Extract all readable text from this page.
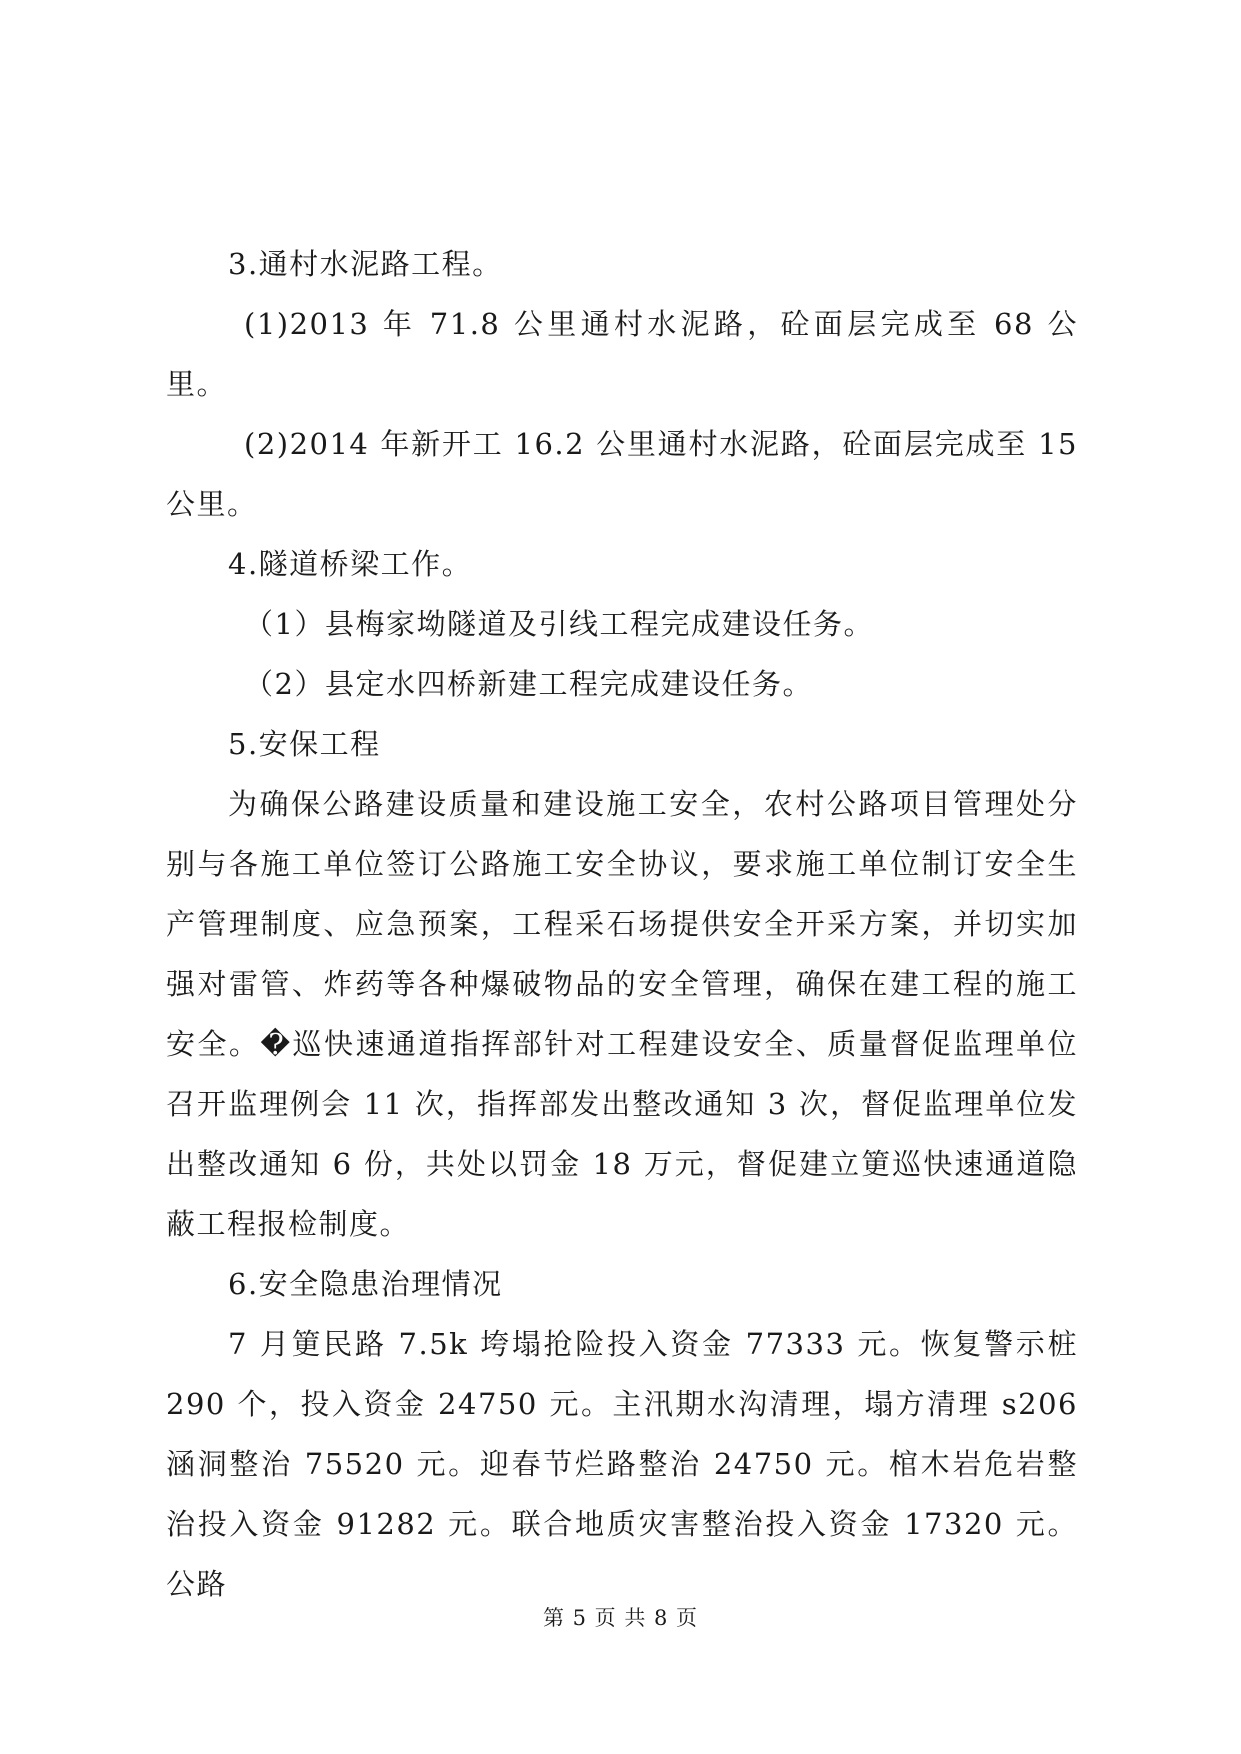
3.通村水泥路工程。

(1)2013 年 71.8 公里通村水泥路，砼面层完成至 68 公里。

(2)2014 年新开工 16.2 公里通村水泥路，砼面层完成至 15 公里。

4.隧道桥梁工作。

（1）县梅家坳隧道及引线工程完成建设任务。

（2）县定水四桥新建工程完成建设任务。

5.安保工程

为确保公路建设质量和建设施工安全，农村公路项目管理处分别与各施工单位签订公路施工安全协议，要求施工单位制订安全生产管理制度、应急预案，工程采石场提供安全开采方案，并切实加强对雷管、炸药等各种爆破物品的安全管理，确保在建工程的施工安全。�巡快速通道指挥部针对工程建设安全、质量督促监理单位召开监理例会 11 次，指挥部发出整改通知 3 次，督促监理单位发出整改通知 6 份，共处以罚金 18 万元，督促建立筻巡快速通道隐蔽工程报检制度。

6.安全隐患治理情况

7 月筻民路 7.5k 垮塌抢险投入资金 77333 元。恢复警示桩 290 个，投入资金 24750 元。主汛期水沟清理，塌方清理 s206 涵洞整治 75520 元。迎春节烂路整治 24750 元。棺木岩危岩整治投入资金 91282 元。联合地质灾害整治投入资金 17320 元。公路

第 5 页 共 8 页
